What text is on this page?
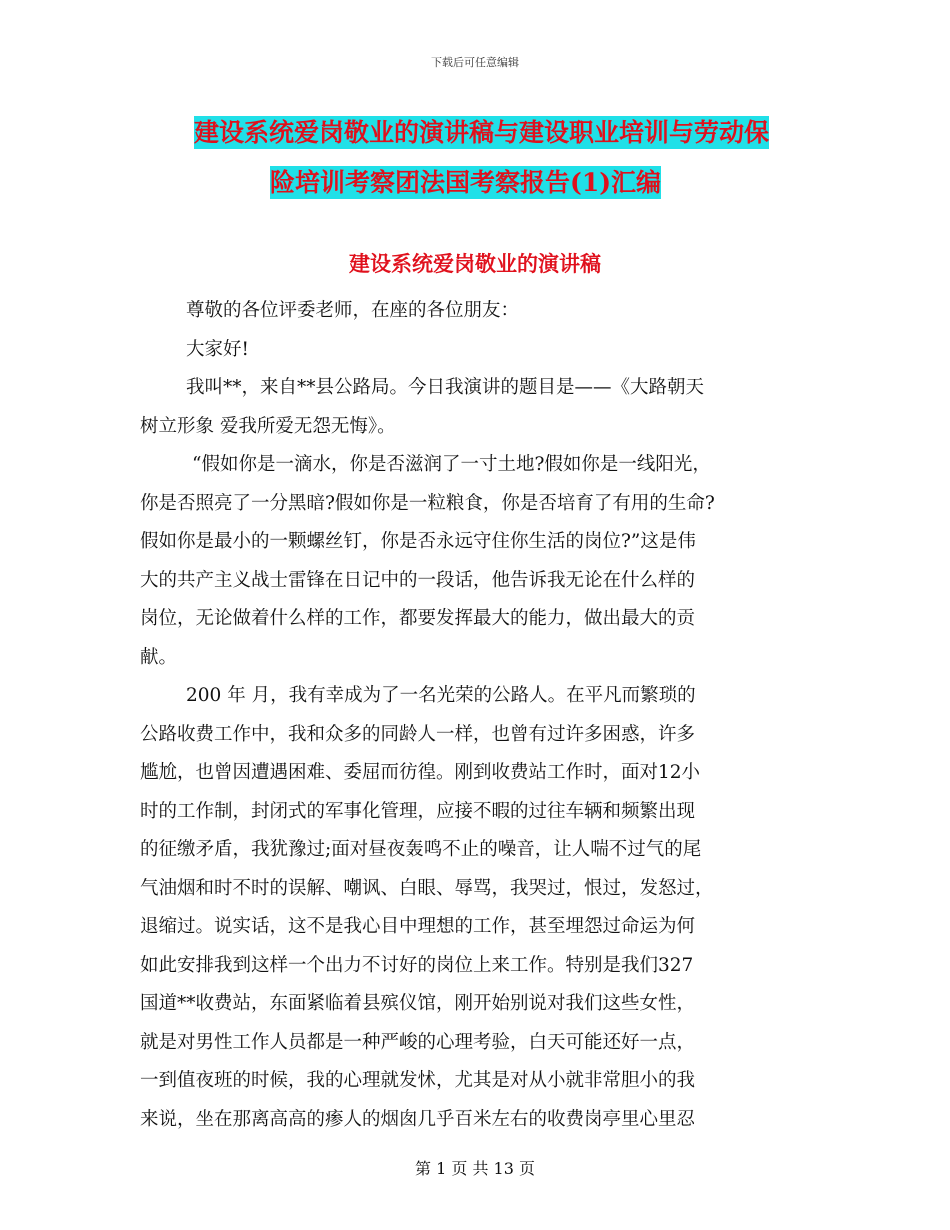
下载后可任意编辑
建设系统爱岗敬业的演讲稿与建设职业培训与劳动保
险培训考察团法国考察报告(1)汇编
建设系统爱岗敬业的演讲稿
尊敬的各位评委老师，在座的各位朋友：
大家好!
我叫**，来自**县公路局。今日我演讲的题目是——《大路朝天
树立形象 爱我所爱无怨无悔》。
“假如你是一滴水，你是否滋润了一寸土地?假如你是一线阳光，
你是否照亮了一分黑暗?假如你是一粒粮食，你是否培育了有用的生命?
假如你是最小的一颗螺丝钉，你是否永远守住你生活的岗位?”这是伟
大的共产主义战士雷锋在日记中的一段话，他告诉我无论在什么样的
岗位，无论做着什么样的工作，都要发挥最大的能力，做出最大的贡
献。
200 年 月，我有幸成为了一名光荣的公路人。在平凡而繁琐的
公路收费工作中，我和众多的同龄人一样，也曾有过许多困惑，许多
尴尬，也曾因遭遇困难、委屈而彷徨。刚到收费站工作时，面对12小
时的工作制，封闭式的军事化管理，应接不暇的过往车辆和频繁出现
的征缴矛盾，我犹豫过;面对昼夜轰鸣不止的噪音，让人喘不过气的尾
气油烟和时不时的误解、嘲讽、白眼、辱骂，我哭过，恨过，发怒过，
退缩过。说实话，这不是我心目中理想的工作，甚至埋怨过命运为何
如此安排我到这样一个出力不讨好的岗位上来工作。特别是我们327
国道**收费站，东面紧临着县殡仪馆，刚开始别说对我们这些女性，
就是对男性工作人员都是一种严峻的心理考验，白天可能还好一点，
一到值夜班的时候，我的心理就发怵，尤其是对从小就非常胆小的我
来说，坐在那离高高的瘆人的烟囱几乎百米左右的收费岗亭里心里忍
第 1 页 共 13 页
